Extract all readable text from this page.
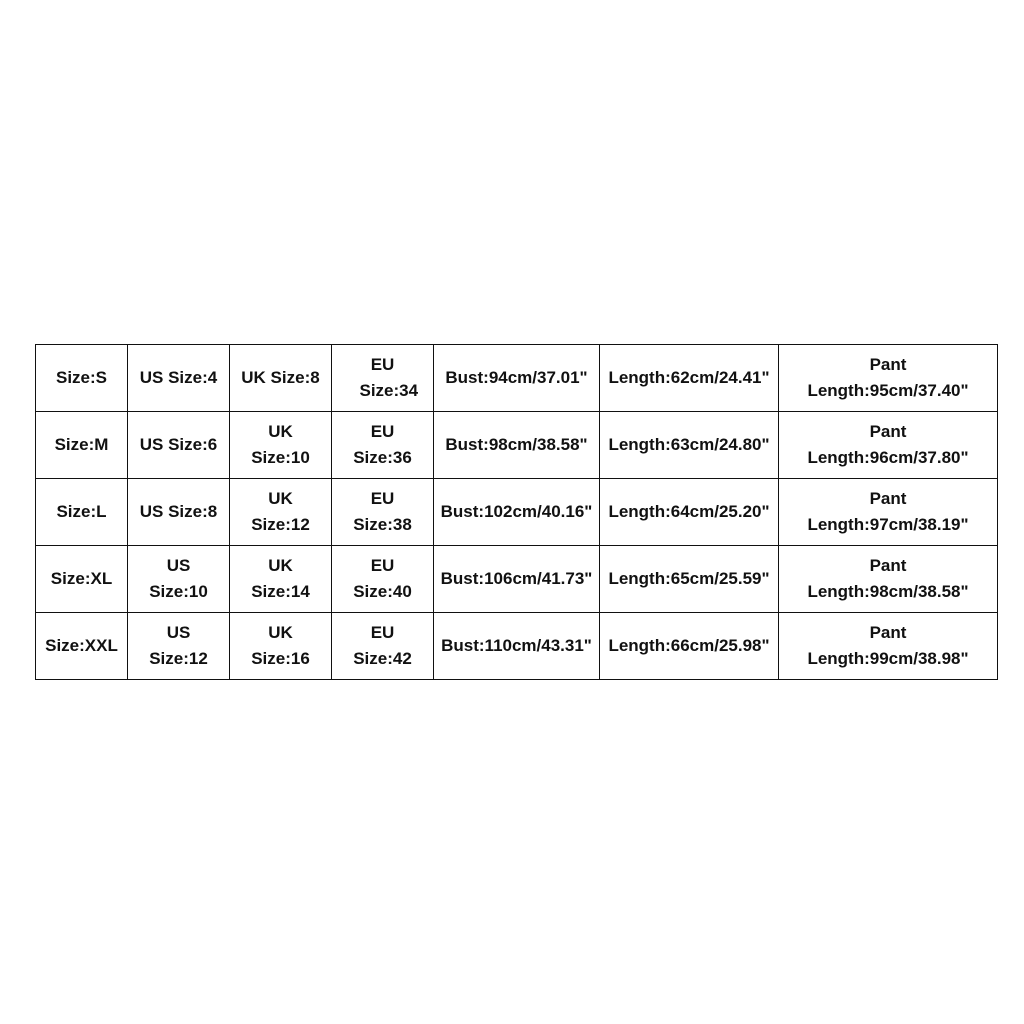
Size:S	US Size:4	UK Size:8	EU Size:34	Bust:94cm/37.01"	Length:62cm/24.41"	Pant Length:95cm/37.40"
Size:M	US Size:6	UK Size:10	EU Size:36	Bust:98cm/38.58"	Length:63cm/24.80"	Pant Length:96cm/37.80"
Size:L	US Size:8	UK Size:12	EU Size:38	Bust:102cm/40.16"	Length:64cm/25.20"	Pant Length:97cm/38.19"
Size:XL	US Size:10	UK Size:14	EU Size:40	Bust:106cm/41.73"	Length:65cm/25.59"	Pant Length:98cm/38.58"
Size:XXL	US Size:12	UK Size:16	EU Size:42	Bust:110cm/43.31"	Length:66cm/25.98"	Pant Length:99cm/38.98"
